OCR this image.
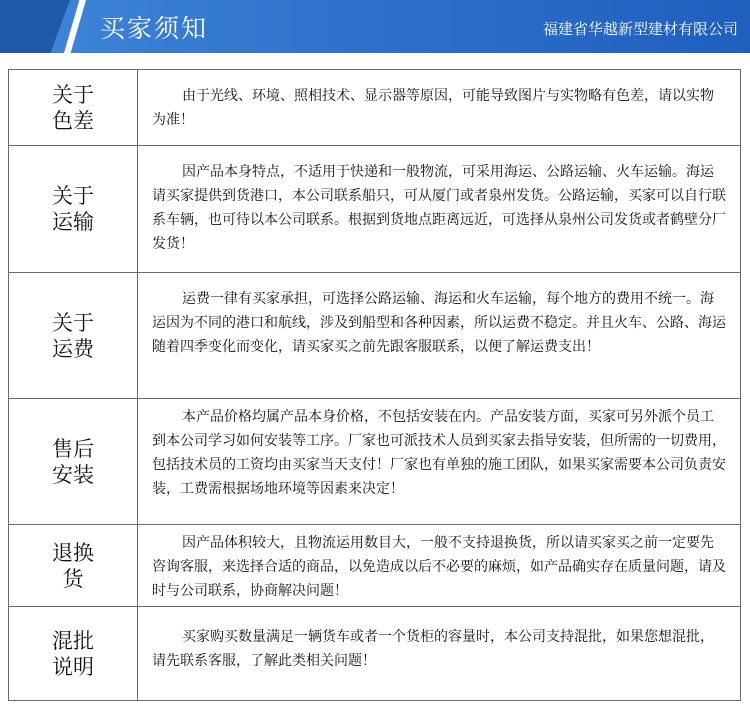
买家须知	福建省华越新型建材有限公司
关于
色差
由于光线、环境、照相技术、显示器等原因，可能导致图片与实物略有色差，请以实物为准！
关于
运输
因产品本身特点，不适用于快递和一般物流，可采用海运、公路运输、火车运输。海运请买家提供到货港口，本公司联系船只，可从厦门或者泉州发货。公路运输，买家可以自行联系车辆，也可待以本公司联系。根据到货地点距离远近，可选择从泉州公司发货或者鹤壁分厂发货！
关于
运费
运费一律有买家承担，可选择公路运输、海运和火车运输，每个地方的费用不统一。海运因为不同的港口和航线，涉及到船型和各种因素，所以运费不稳定。并且火车、公路、海运随着四季变化而变化，请买家买之前先跟客服联系，以便了解运费支出！
售后
安装
本产品价格均属产品本身价格，不包括安装在内。产品安装方面，买家可另外派个员工到本公司学习如何安装等工序。厂家也可派技术人员到买家去指导安装，但所需的一切费用，包括技术员的工资均由买家当天支付！厂家也有单独的施工团队，如果买家需要本公司负责安装，工费需根据场地环境等因素来决定！
退换
货
因产品体积较大，且物流运用数目大，一般不支持退换货，所以请买家买之前一定要先咨询客服，来选择合适的商品，以免造成以后不必要的麻烦，如产品确实存在质量问题，请及时与公司联系，协商解决问题！
混批
说明
买家购买数量满足一辆货车或者一个货柜的容量时，本公司支持混批，如果您想混批，请先联系客服，了解此类相关问题！
